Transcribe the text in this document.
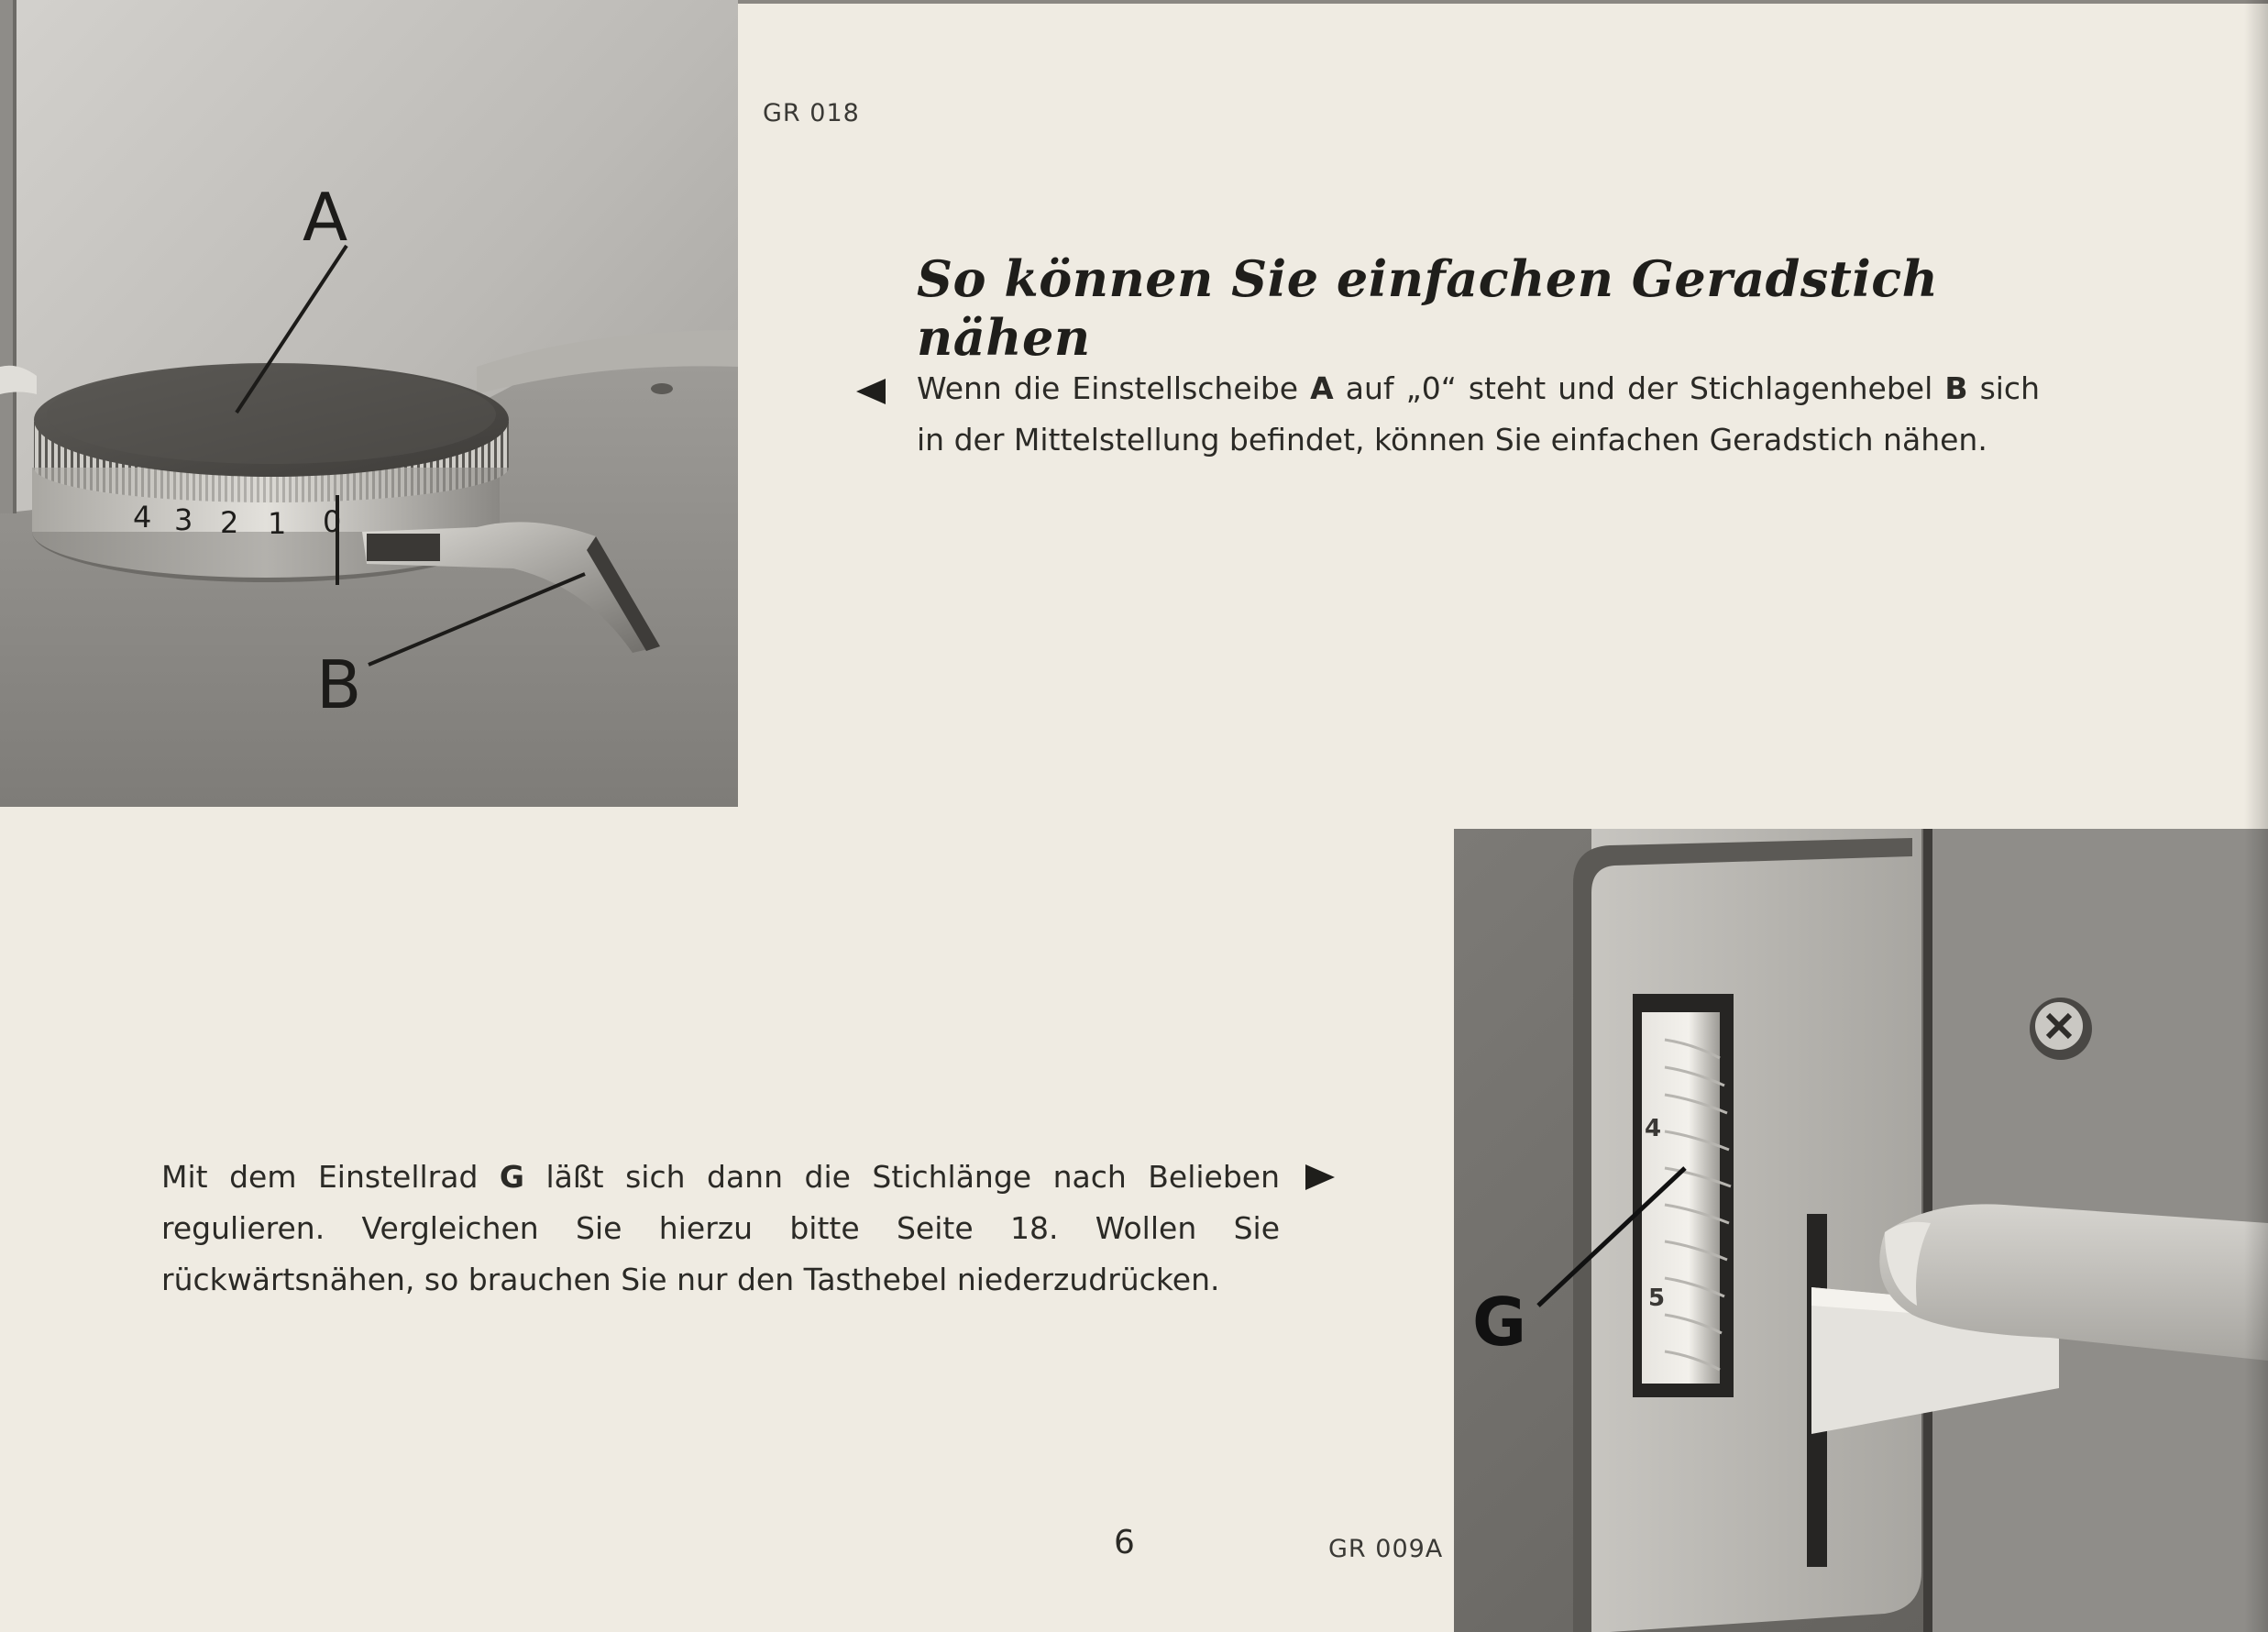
4 3 2 1 0
A
B
GR 018
So können Sie einfachen Geradstich nähen
Wenn die Einstellscheibe A auf „0“ steht und der Stichlagenhebel B sich in der Mittelstellung befindet, können Sie einfachen Geradstich nähen.
Mit dem Einstellrad G läßt sich dann die Stichlänge nach Belieben regulieren. Vergleichen Sie hierzu bitte Seite 18. Wollen Sie rückwärtsnähen, so brauchen Sie nur den Tasthebel niederzudrücken.
4
5
G
6	GR 009A
